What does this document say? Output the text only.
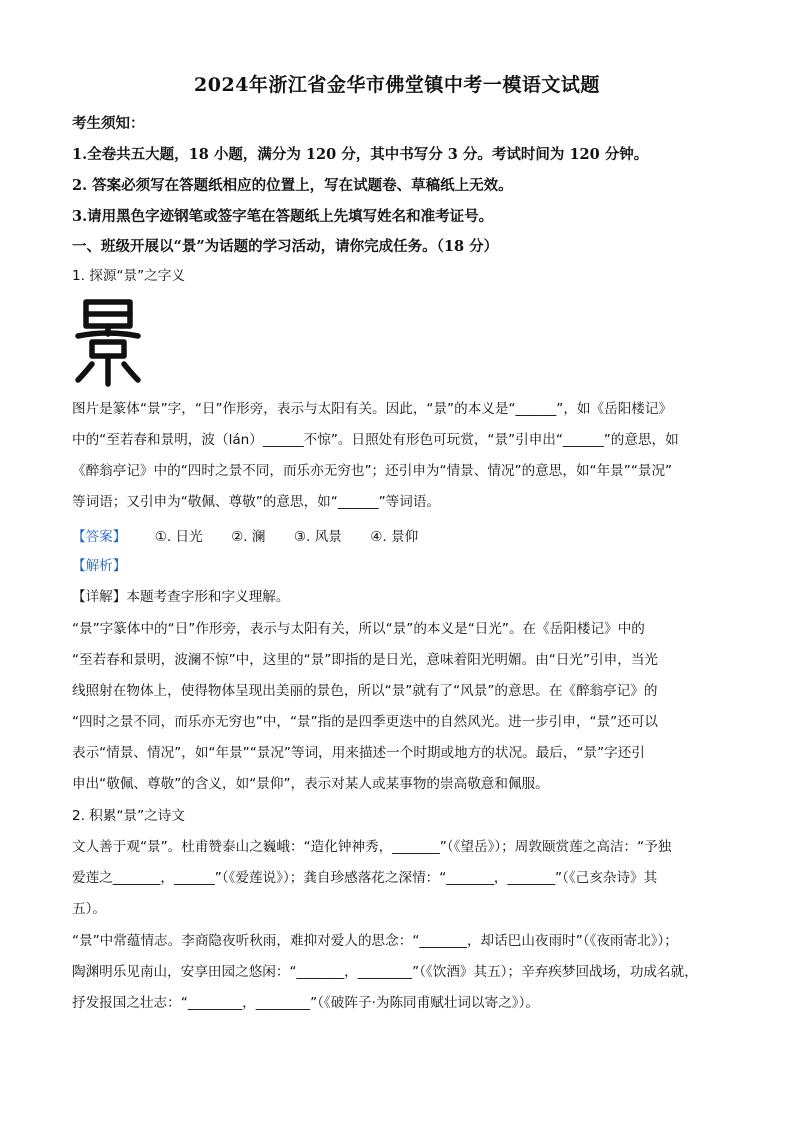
2024年浙江省金华市佛堂镇中考一模语文试题
考生须知：
1.全卷共五大题，18 小题，满分为 120 分，其中书写分 3 分。考试时间为 120 分钟。
2. 答案必须写在答题纸相应的位置上，写在试题卷、草稿纸上无效。
3.请用黑色字迹钢笔或签字笔在答题纸上先填写姓名和准考证号。
一、班级开展以“景”为话题的学习活动，请你完成任务。（18 分）
1. 探源“景”之字义
图片是篆体“景”字，“日”作形旁，表示与太阳有关。因此，“景”的本义是“______”，如《岳阳楼记》
中的“至若春和景明，波（lán）______不惊”。日照处有形色可玩赏，“景”引申出“______”的意思，如
《醉翁亭记》中的“四时之景不同，而乐亦无穷也”；还引申为“情景、情况”的意思，如“年景”“景况”
等词语；又引申为“敬佩、尊敬”的意思，如“______”等词语。
【答案】 ①. 日光 ②. 澜 ③. 风景 ④. 景仰
【解析】
【详解】本题考查字形和字义理解。
“景”字篆体中的“日”作形旁，表示与太阳有关，所以“景”的本义是“日光”。在《岳阳楼记》中的
“至若春和景明，波澜不惊”中，这里的“景”即指的是日光，意味着阳光明媚。由“日光”引申，当光
线照射在物体上，使得物体呈现出美丽的景色，所以“景”就有了“风景”的意思。在《醉翁亭记》的
“四时之景不同，而乐亦无穷也”中，“景”指的是四季更迭中的自然风光。进一步引申，“景”还可以
表示“情景、情况”，如“年景”“景况”等词，用来描述一个时期或地方的状况。最后，“景”字还引
申出“敬佩、尊敬”的含义，如“景仰”，表示对某人或某事物的崇高敬意和佩服。
2. 积累“景”之诗文
文人善于观“景”。杜甫赞泰山之巍峨：“造化钟神秀，_______”（《望岳》）；周敦颐赏莲之高洁：“予独
爱莲之_______，______”（《爱莲说》）；龚自珍感落花之深情：“_______，_______”（《己亥杂诗》其
五）。
“景”中常蕴情志。李商隐夜听秋雨，难抑对爱人的思念：“_______，却话巴山夜雨时”（《夜雨寄北》）；
陶渊明乐见南山，安享田园之悠闲：“_______，________”（《饮酒》其五）；辛弃疾梦回战场，功成名就，
抒发报国之壮志：“________，________”（《破阵子·为陈同甫赋壮词以寄之》）。
